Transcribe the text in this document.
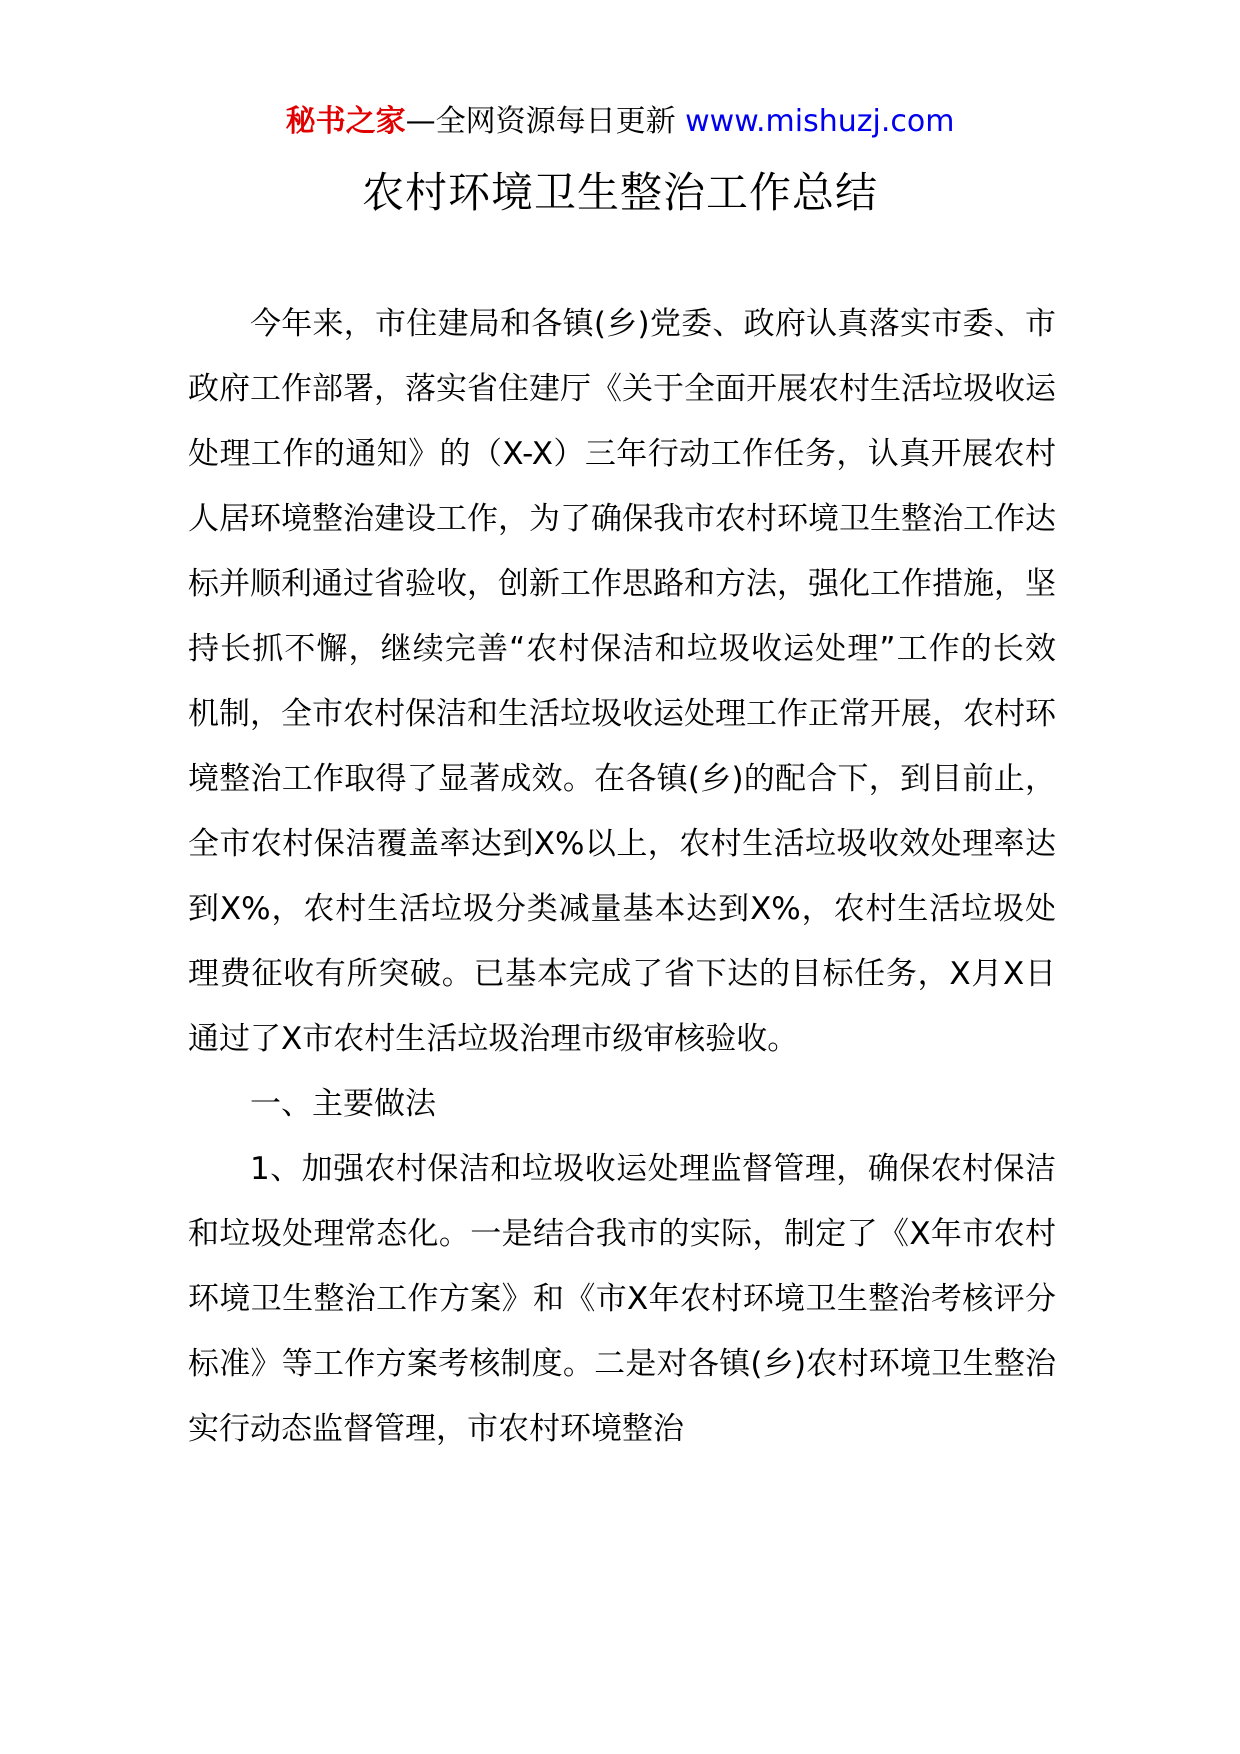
秘书之家—全网资源每日更新 www.mishuzj.com
农村环境卫生整治工作总结

今年来，市住建局和各镇(乡)党委、政府认真落实市委、市政府工作部署，落实省住建厅《关于全面开展农村生活垃圾收运处理工作的通知》的（X-X）三年行动工作任务，认真开展农村人居环境整治建设工作，为了确保我市农村环境卫生整治工作达标并顺利通过省验收，创新工作思路和方法，强化工作措施，坚持长抓不懈，继续完善“农村保洁和垃圾收运处理”工作的长效机制，全市农村保洁和生活垃圾收运处理工作正常开展，农村环境整治工作取得了显著成效。在各镇(乡)的配合下，到目前止，全市农村保洁覆盖率达到X%以上，农村生活垃圾收效处理率达到X%，农村生活垃圾分类减量基本达到X%，农村生活垃圾处理费征收有所突破。已基本完成了省下达的目标任务，X月X日通过了X市农村生活垃圾治理市级审核验收。

一、主要做法

1、加强农村保洁和垃圾收运处理监督管理，确保农村保洁和垃圾处理常态化。一是结合我市的实际，制定了《X年市农村环境卫生整治工作方案》和《市X年农村环境卫生整治考核评分标准》等工作方案考核制度。二是对各镇(乡)农村环境卫生整治实行动态监督管理，市农村环境整治
